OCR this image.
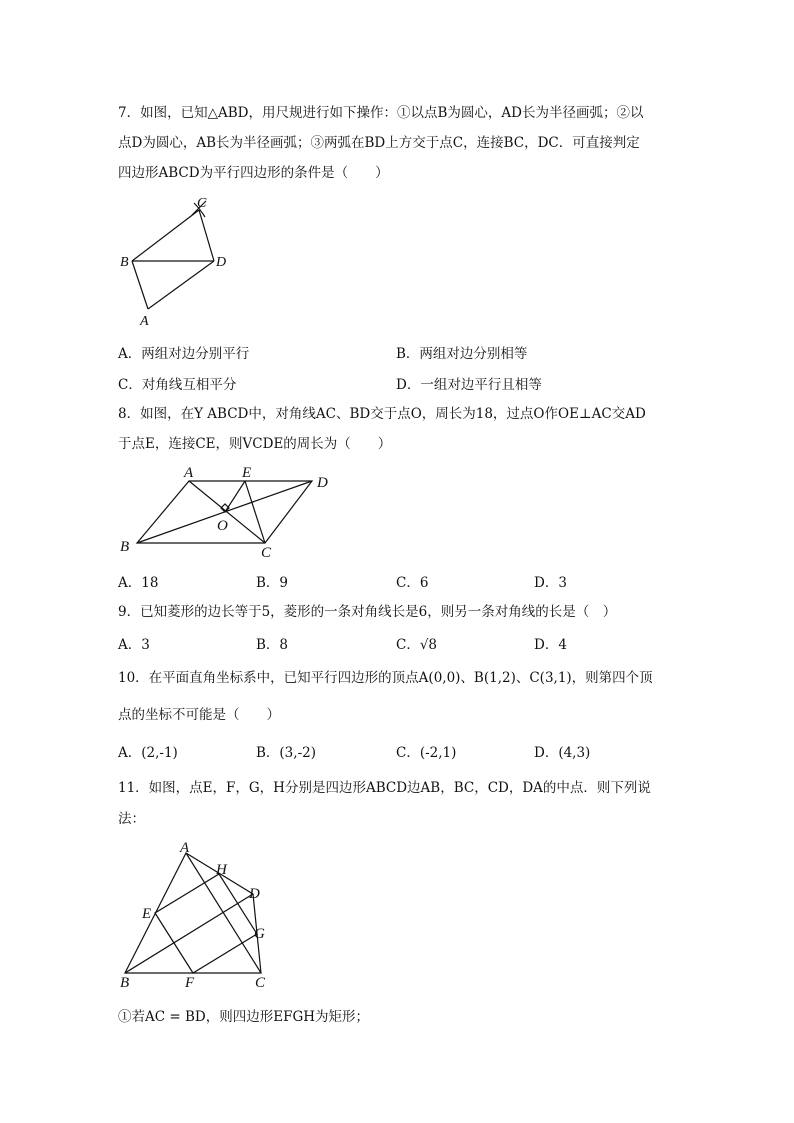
7．如图，已知△ABD，用尺规进行如下操作：①以点B为圆心，AD长为半径画弧；②以
点D为圆心，AB长为半径画弧；③两弧在BD上方交于点C，连接BC，DC．可直接判定
四边形ABCD为平行四边形的条件是（　　）
B	D
A
C
A．两组对边分别平行	B．两组对边分别相等
C．对角线互相平分	D．一组对边平行且相等
8．如图，在Y ABCD中，对角线AC、BD交于点O，周长为18，过点O作OE⊥AC交AD
于点E，连接CE，则VCDE的周长为（　　）
A	E
D
O
B	C
A．18	B．9	C．6	D．3
9．已知菱形的边长等于5，菱形的一条对角线长是6，则另一条对角线的长是（　）
A．3	B．8	C．√8	D．4
10．在平面直角坐标系中，已知平行四边形的顶点A(0,0)、B(1,2)、C(3,1)，则第四个顶
点的坐标不可能是（　　）
A．(2,-1)	B．(3,-2)	C．(-2,1)	D．(4,3)
11．如图，点E，F，G，H分别是四边形ABCD边AB，BC，CD，DA的中点．则下列说
法：
A
H
D
E
G
B	F	C
①若AC = BD，则四边形EFGH为矩形；
